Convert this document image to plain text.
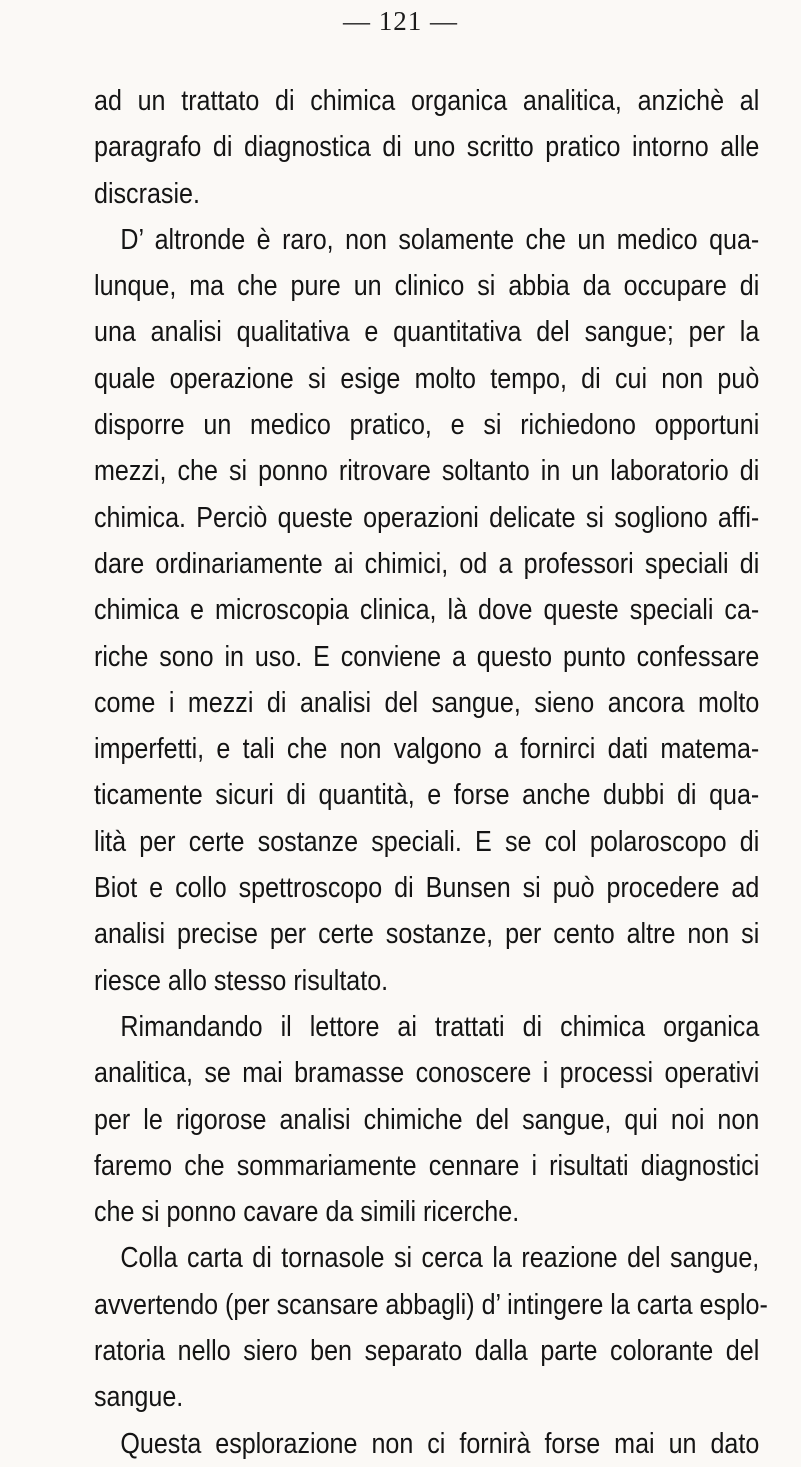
— 121 —
ad un trattato di chimica organica analitica, anzichè al
paragrafo di diagnostica di uno scritto pratico intorno alle
discrasie.
D’ altronde è raro, non solamente che un medico qua-
lunque, ma che pure un clinico si abbia da occupare di
una analisi qualitativa e quantitativa del sangue; per la
quale operazione si esige molto tempo, di cui non può
disporre un medico pratico, e si richiedono opportuni
mezzi, che si ponno ritrovare soltanto in un laboratorio di
chimica. Perciò queste operazioni delicate si sogliono affi-
dare ordinariamente ai chimici, od a professori speciali di
chimica e microscopia clinica, là dove queste speciali ca-
riche sono in uso. E conviene a questo punto confessare
come i mezzi di analisi del sangue, sieno ancora molto
imperfetti, e tali che non valgono a fornirci dati matema-
ticamente sicuri di quantità, e forse anche dubbi di qua-
lità per certe sostanze speciali. E se col polaroscopo di
Biot e collo spettroscopo di Bunsen si può procedere ad
analisi precise per certe sostanze, per cento altre non si
riesce allo stesso risultato.
Rimandando il lettore ai trattati di chimica organica
analitica, se mai bramasse conoscere i processi operativi
per le rigorose analisi chimiche del sangue, qui noi non
faremo che sommariamente cennare i risultati diagnostici
che si ponno cavare da simili ricerche.
Colla carta di tornasole si cerca la reazione del sangue,
avvertendo (per scansare abbagli) d’ intingere la carta esplo-
ratoria nello siero ben separato dalla parte colorante del
sangue.
Questa esplorazione non ci fornirà forse mai un dato
